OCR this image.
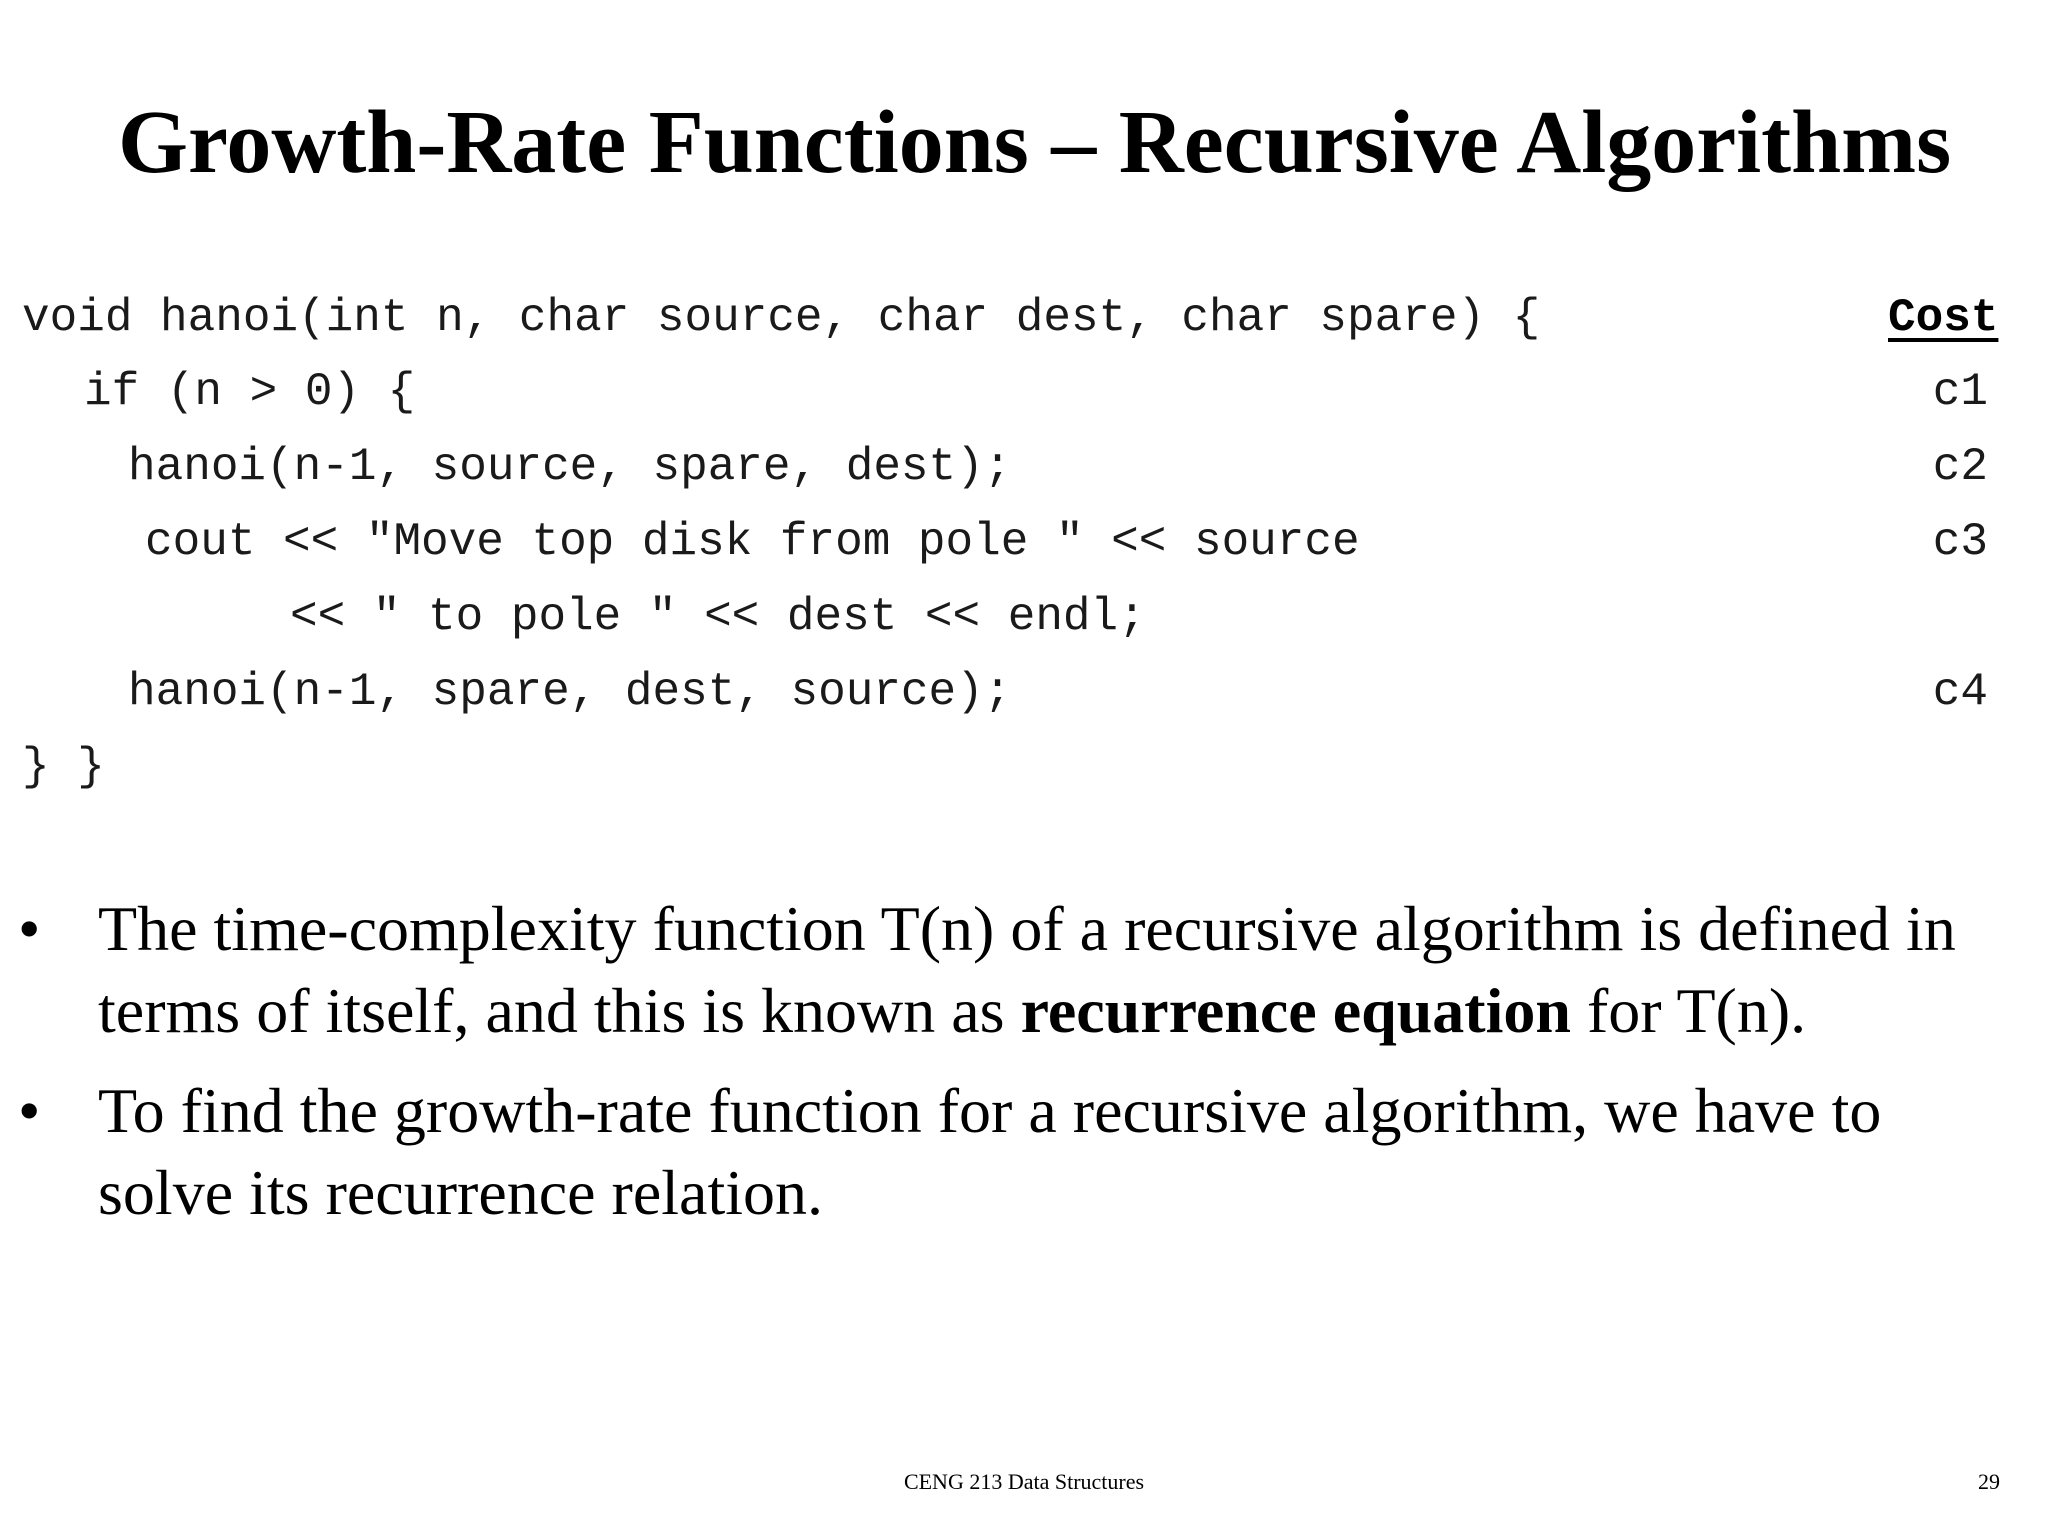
Growth-Rate Functions – Recursive Algorithms
void hanoi(int n, char source, char dest, char spare) {
if (n > 0) {
hanoi(n-1, source, spare, dest);
cout << "Move top disk from pole " << source
<< " to pole " << dest << endl;
hanoi(n-1, spare, dest, source);
} }
Cost
c1
c2
c3
c4
• The time-complexity function T(n) of a recursive algorithm is defined in terms of itself, and this is known as recurrence equation for T(n).
• To find the growth-rate function for a recursive algorithm, we have to solve its recurrence relation.
CENG 213 Data Structures	29
